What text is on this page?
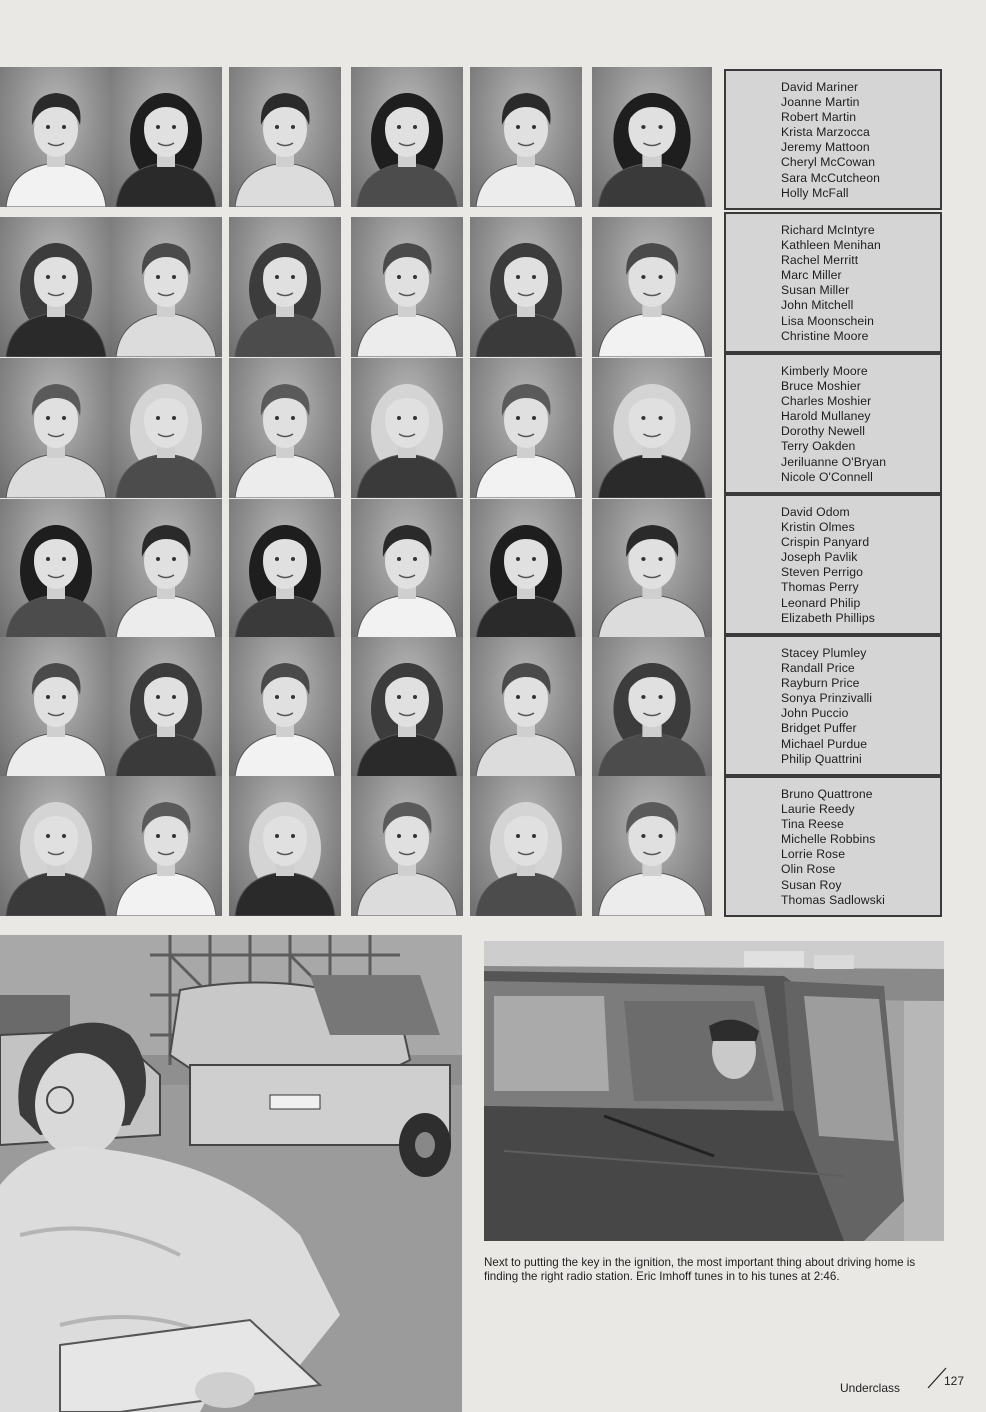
David Mariner
Joanne Martin
Robert Martin
Krista Marzocca
Jeremy Mattoon
Cheryl McCowan
Sara McCutcheon
Holly McFall
Richard McIntyre
Kathleen Menihan
Rachel Merritt
Marc Miller
Susan Miller
John Mitchell
Lisa Moonschein
Christine Moore
Kimberly Moore
Bruce Moshier
Charles Moshier
Harold Mullaney
Dorothy Newell
Terry Oakden
Jeriluanne O'Bryan
Nicole O'Connell
David Odom
Kristin Olmes
Crispin Panyard
Joseph Pavlik
Steven Perrigo
Thomas Perry
Leonard Philip
Elizabeth Phillips
Stacey Plumley
Randall Price
Rayburn Price
Sonya Prinzivalli
John Puccio
Bridget Puffer
Michael Purdue
Philip Quattrini
Bruno Quattrone
Laurie Reedy
Tina Reese
Michelle Robbins
Lorrie Rose
Olin Rose
Susan Roy
Thomas Sadlowski

Next to putting the key in the ignition, the most important thing about driving home is finding the right radio station. Eric Imhoff tunes in to his tunes at 2:46.

Underclass	127
